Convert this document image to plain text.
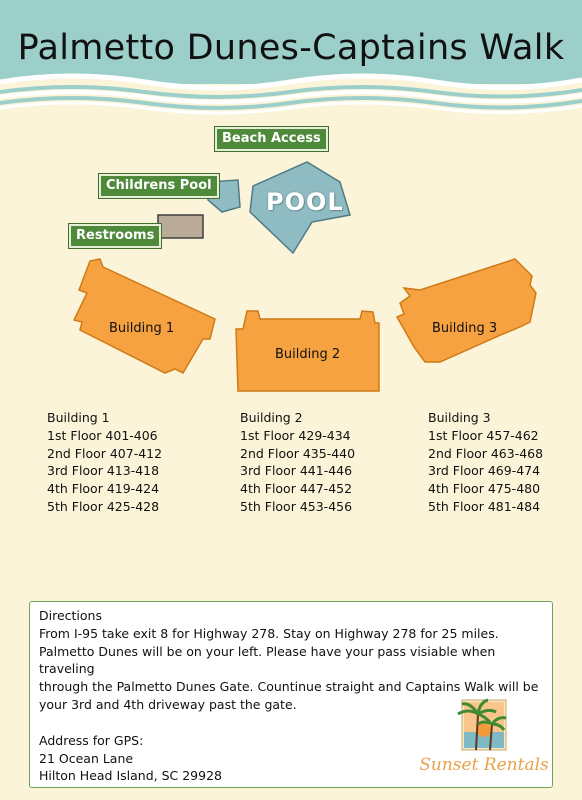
Palmetto Dunes-Captains Walk
POOL
Beach Access
Childrens Pool
Restrooms
Building 1
Building 2
Building 3
Building 1
1st Floor 401-406
2nd Floor 407-412
3rd Floor 413-418
4th Floor 419-424
5th Floor 425-428
Building 2
1st Floor 429-434
2nd Floor 435-440
3rd Floor 441-446
4th Floor 447-452
5th Floor 453-456
Building 3
1st Floor 457-462
2nd Floor 463-468
3rd Floor 469-474
4th Floor 475-480
5th Floor 481-484
Directions
From I-95 take exit 8 for Highway 278. Stay on Highway 278 for 25 miles.
Palmetto Dunes will be on your left. Please have your pass visiable when traveling
through the Palmetto Dunes Gate. Countinue straight and Captains Walk will be
your 3rd and 4th driveway past the gate.
Address for GPS:
21 Ocean Lane
Hilton Head Island, SC 29928
Sunset Rentals
